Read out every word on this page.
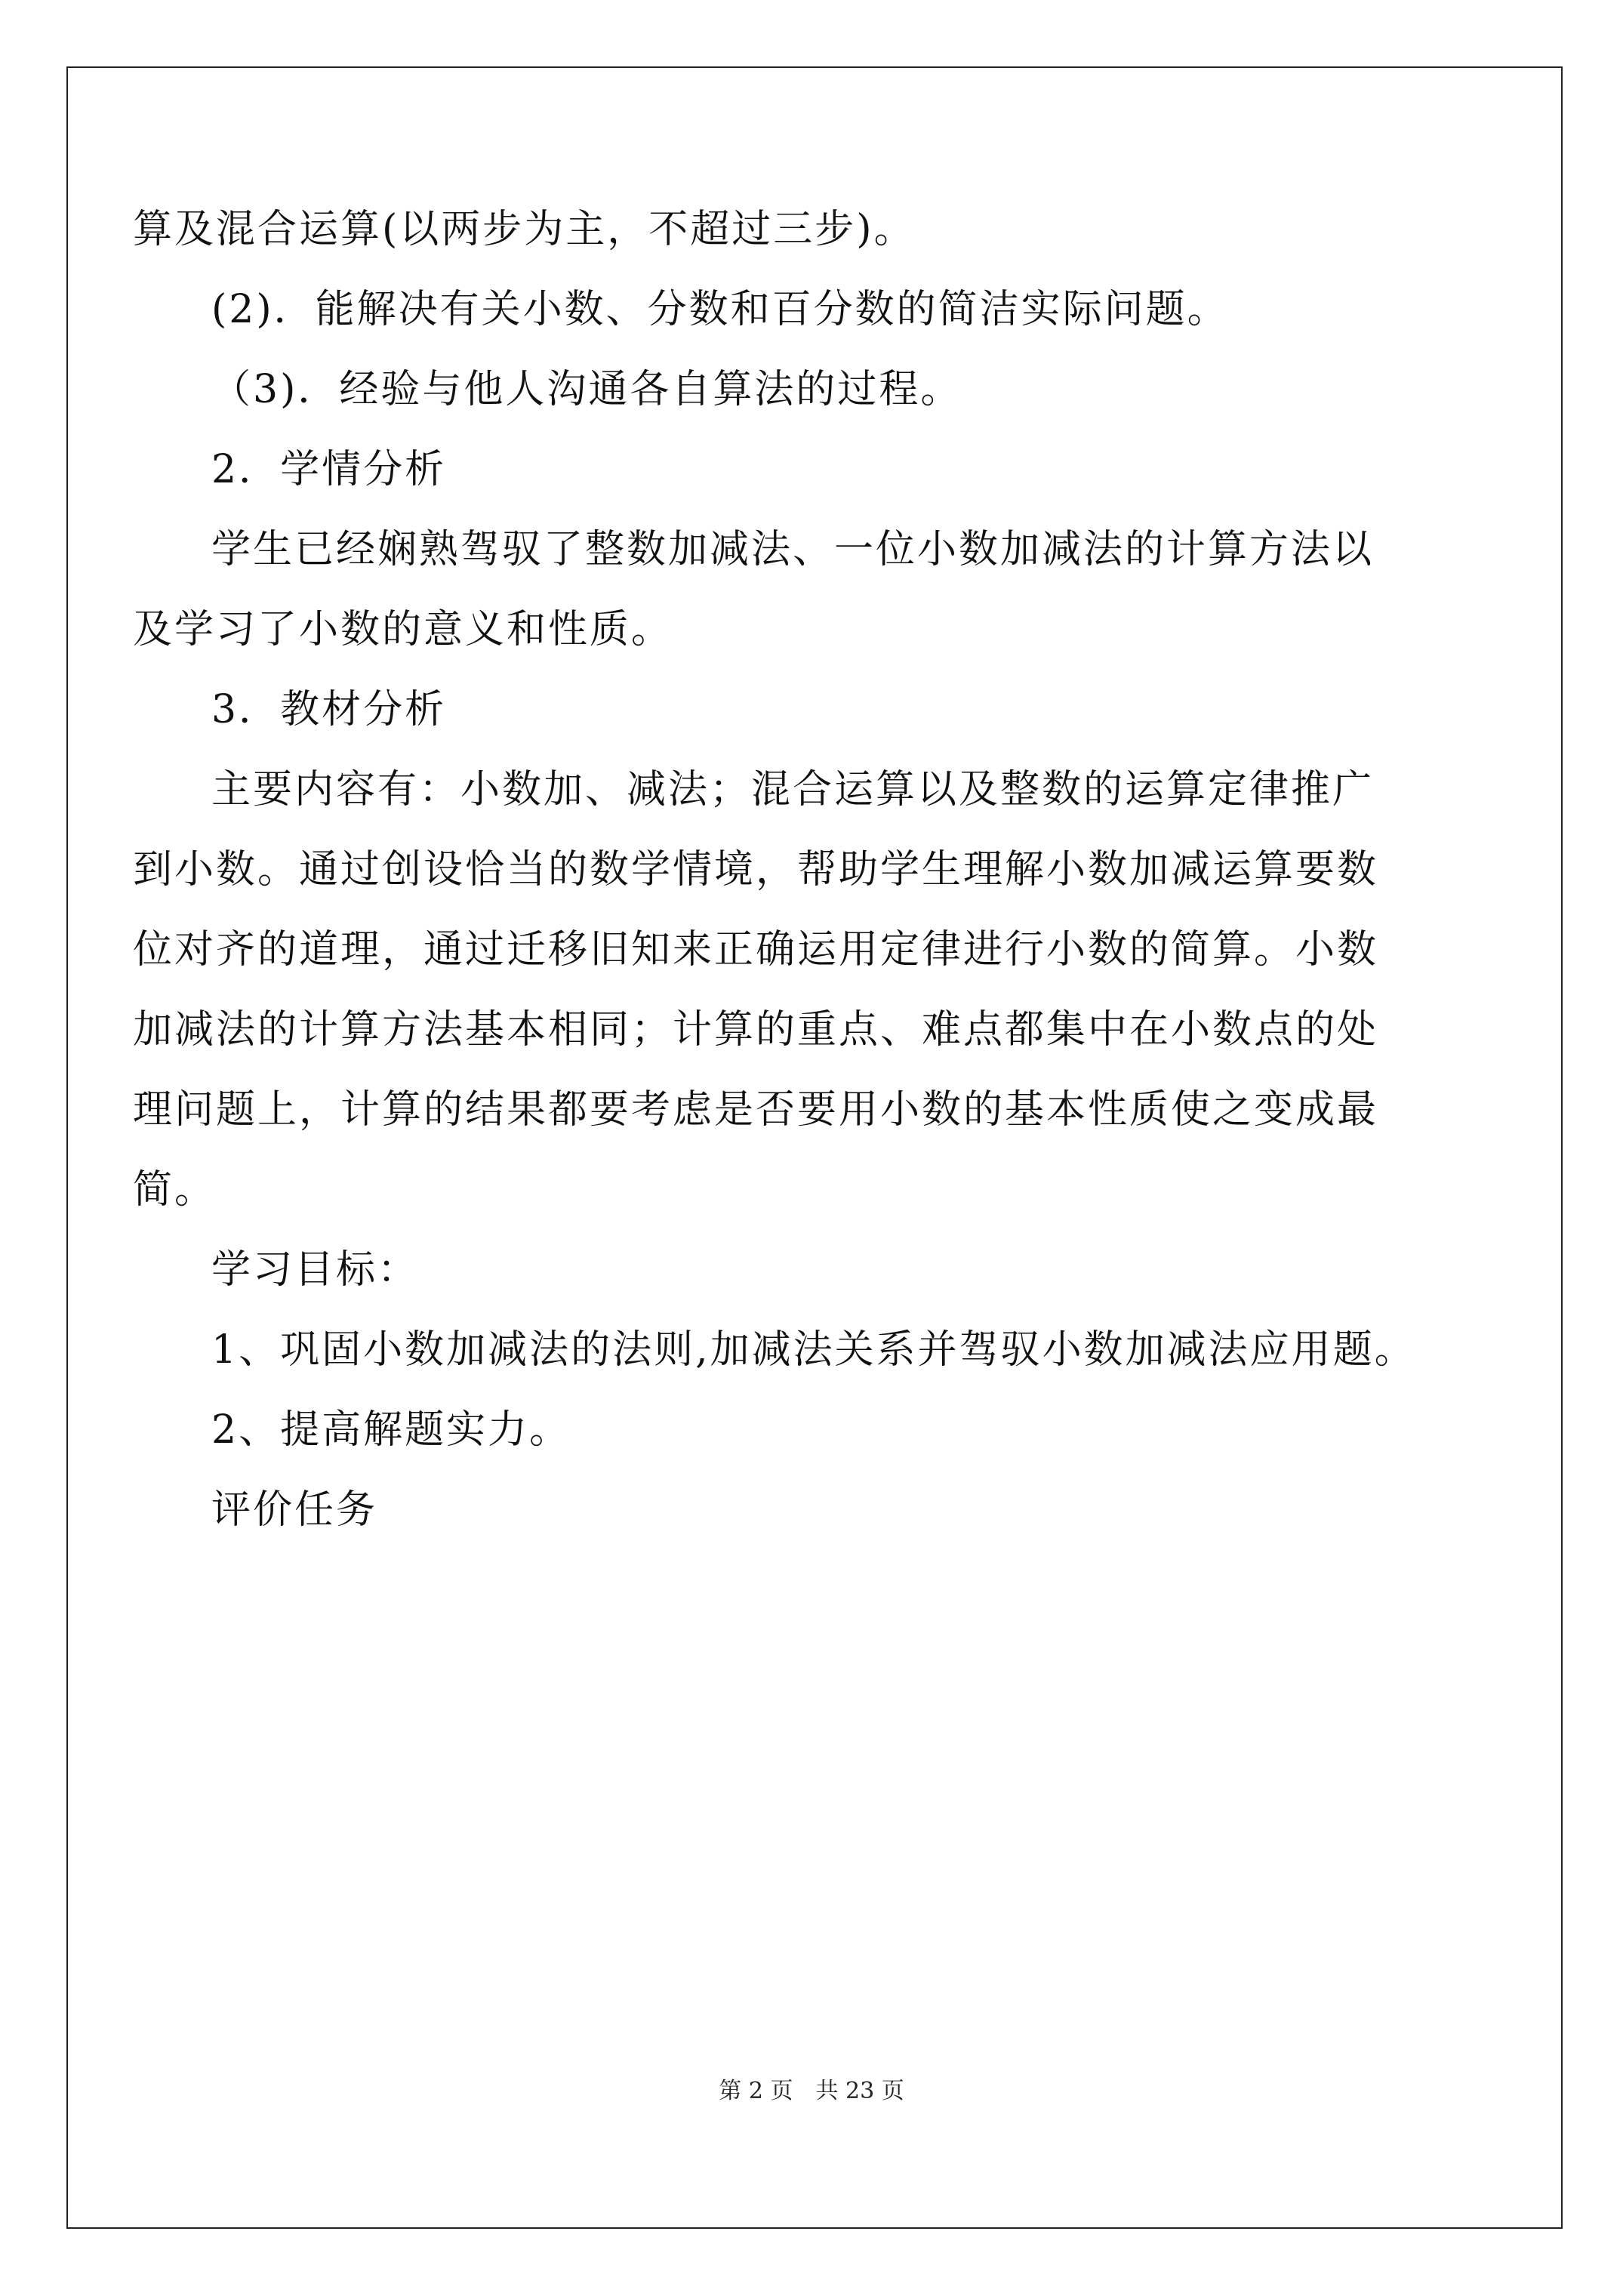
算及混合运算(以两步为主，不超过三步)。
(2)．能解决有关小数、分数和百分数的简洁实际问题。
（3)．经验与他人沟通各自算法的过程。
2．学情分析
学生已经娴熟驾驭了整数加减法、一位小数加减法的计算方法以
及学习了小数的意义和性质。
3．教材分析
主要内容有：小数加、减法；混合运算以及整数的运算定律推广
到小数。通过创设恰当的数学情境，帮助学生理解小数加减运算要数
位对齐的道理，通过迁移旧知来正确运用定律进行小数的简算。小数
加减法的计算方法基本相同；计算的重点、难点都集中在小数点的处
理问题上，计算的结果都要考虑是否要用小数的基本性质使之变成最
简。
学习目标：
1、巩固小数加减法的法则,加减法关系并驾驭小数加减法应用题。
2、提高解题实力。
评价任务
第 2 页　共 23 页
